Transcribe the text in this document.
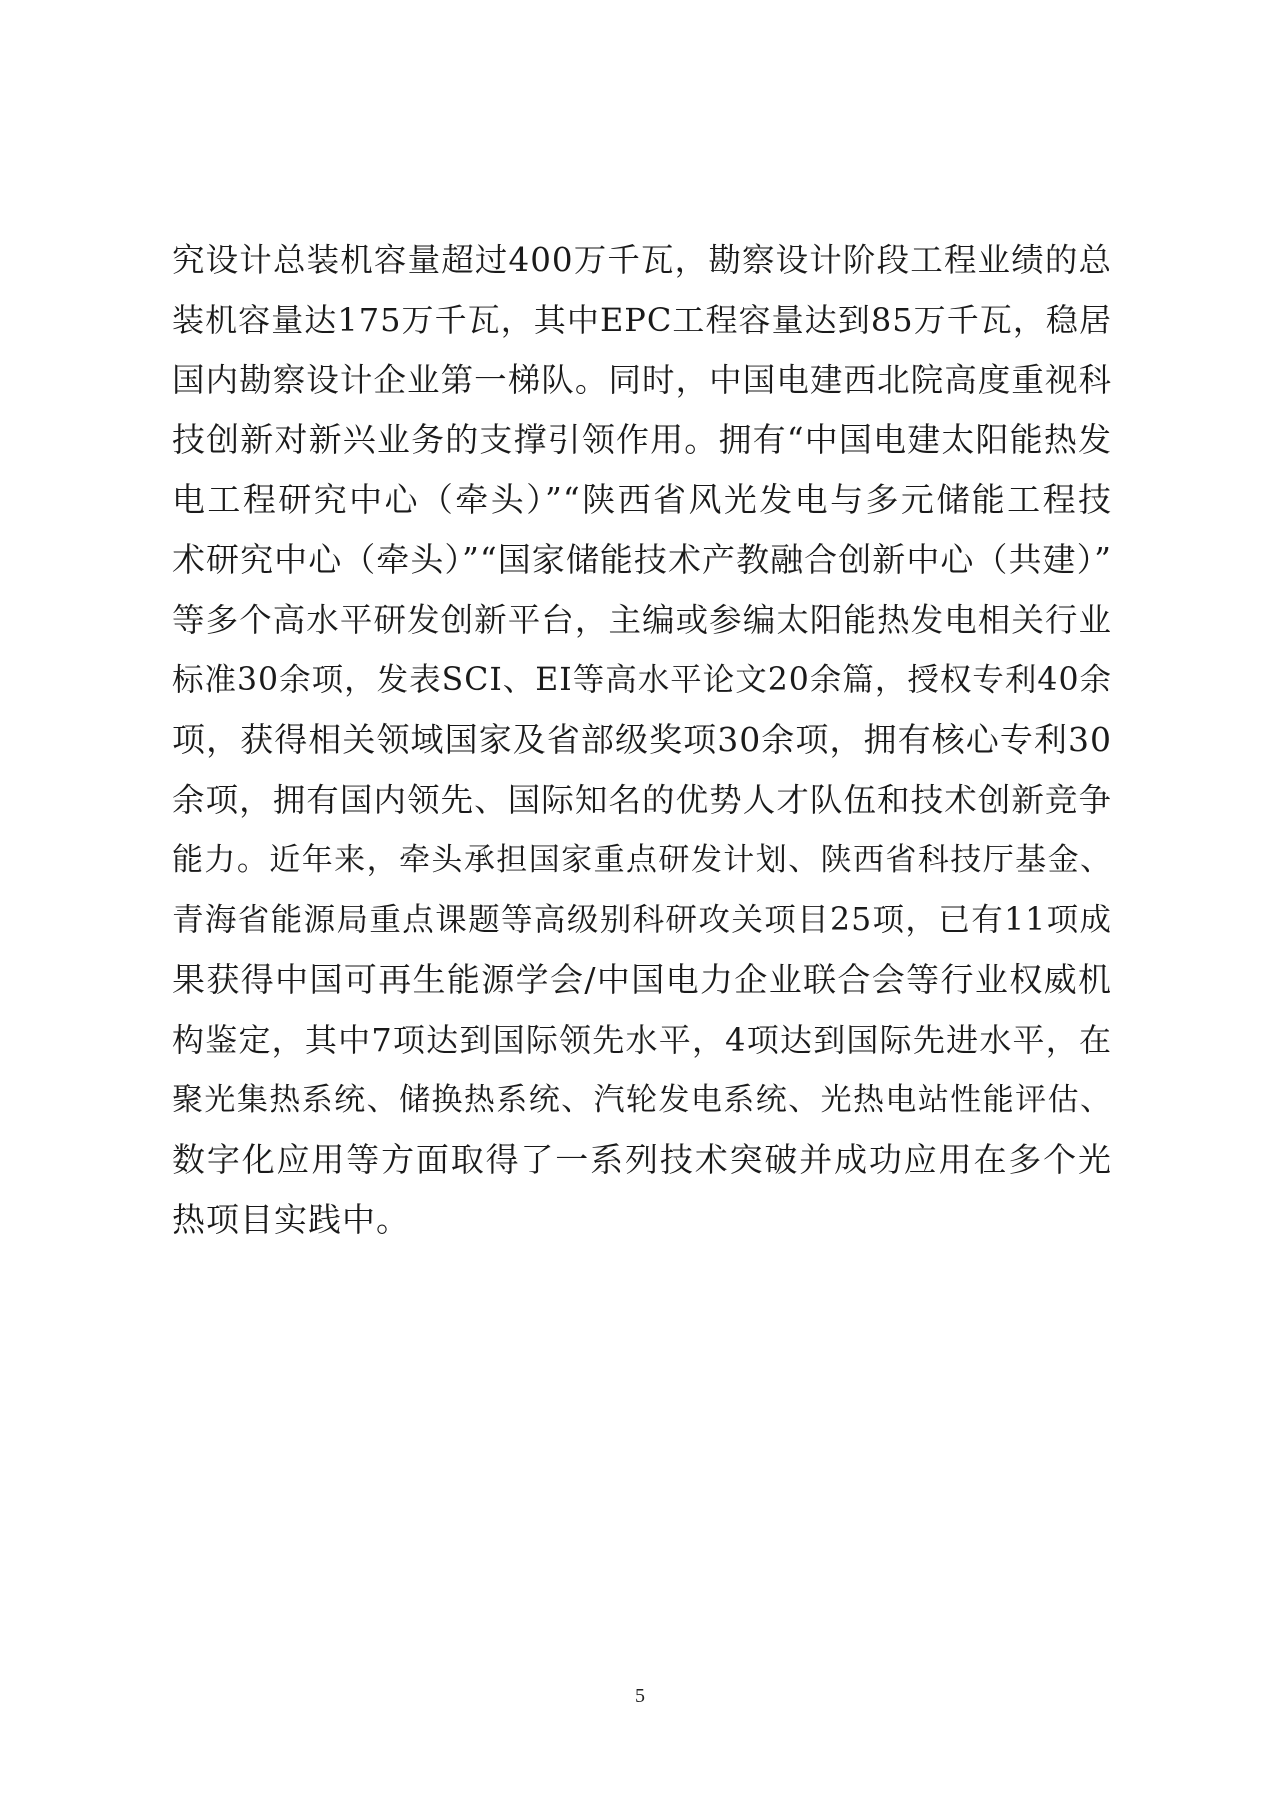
究设计总装机容量超过400万千瓦，勘察设计阶段工程业绩的总
装机容量达175万千瓦，其中EPC工程容量达到85万千瓦，稳居
国内勘察设计企业第一梯队。同时，中国电建西北院高度重视科
技创新对新兴业务的支撑引领作用。拥有“中国电建太阳能热发
电工程研究中心（牵头）”“陕西省风光发电与多元储能工程技
术研究中心（牵头）”“国家储能技术产教融合创新中心（共建）”
等多个高水平研发创新平台，主编或参编太阳能热发电相关行业
标准30余项，发表SCI、EI等高水平论文20余篇，授权专利40余
项，获得相关领域国家及省部级奖项30余项，拥有核心专利30
余项，拥有国内领先、国际知名的优势人才队伍和技术创新竞争
能力。近年来，牵头承担国家重点研发计划、陕西省科技厅基金、
青海省能源局重点课题等高级别科研攻关项目25项，已有11项成
果获得中国可再生能源学会/中国电力企业联合会等行业权威机
构鉴定，其中7项达到国际领先水平，4项达到国际先进水平，在
聚光集热系统、储换热系统、汽轮发电系统、光热电站性能评估、
数字化应用等方面取得了一系列技术突破并成功应用在多个光
热项目实践中。
5
